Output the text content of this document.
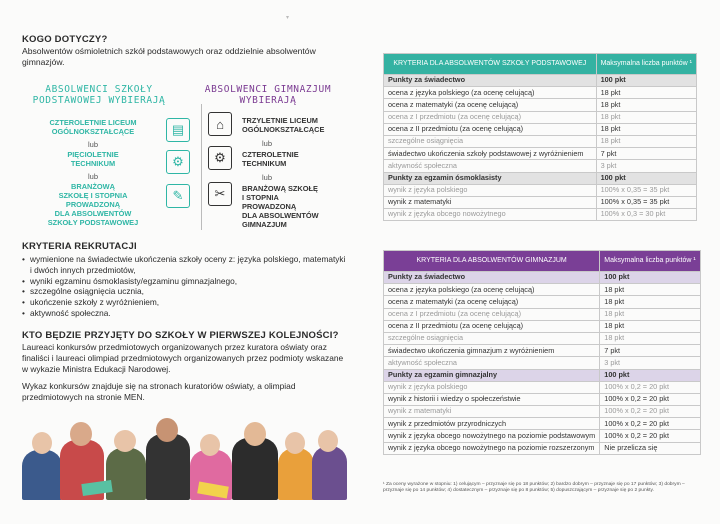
▾

KOGO DOTYCZY?

Absolwentów ośmioletnich szkół podstawowych oraz oddzielnie absolwentów gimnazjów.

ABSOLWENCI SZKOŁY
PODSTAWOWEJ WYBIERAJĄ
ABSOLWENCI GIMNAZJUM
WYBIERAJĄ
CZTEROLETNIE LICEUM
OGÓLNOKSZTAŁCĄCE
lub
PIĘCIOLETNIE
TECHNIKUM
lub
BRANŻOWĄ
SZKOŁĘ I STOPNIA
PROWADZONĄ
DLA ABSOLWENTÓW
SZKOŁY PODSTAWOWEJ
▤
⚙
✎
⌂
⚙
✂
TRZYLETNIE LICEUM
OGÓLNOKSZTAŁCĄCE
lub
CZTEROLETNIE
TECHNIKUM
lub
BRANŻOWĄ SZKOŁĘ
I STOPNIA
PROWADZONĄ
DLA ABSOLWENTÓW
GIMNAZJUM

KRYTERIA REKRUTACJI

• wymienione na świadectwie ukończenia szkoły oceny z: języka polskiego, matematyki i dwóch innych przedmiotów,
• wyniki egzaminu ósmoklasisty/egzaminu gimnazjalnego,
• szczególne osiągnięcia ucznia,
• ukończenie szkoły z wyróżnieniem,
• aktywność społeczna.

KTO BĘDZIE PRZYJĘTY DO SZKOŁY W PIERWSZEJ KOLEJNOŚCI?

Laureaci konkursów przedmiotowych organizowanych przez kuratora oświaty oraz finaliści i laureaci olimpiad przedmiotowych organizowanych przez podmioty wskazane w wykazie Ministra Edukacji Narodowej.

Wykaz konkursów znajduje się na stronach kuratoriów oświaty, a olimpiad przedmiotowych na stronie MEN.

KRYTERIA DLA ABSOLWENTÓW SZKOŁY PODSTAWOWEJ	Maksymalna liczba punktów ¹
Punkty za świadectwo	100 pkt
ocena z języka polskiego (za ocenę celującą)	18 pkt
ocena z matematyki (za ocenę celującą)	18 pkt
ocena z I przedmiotu (za ocenę celującą)	18 pkt
ocena z II przedmiotu (za ocenę celującą)	18 pkt
szczególne osiągnięcia	18 pkt
świadectwo ukończenia szkoły podstawowej z wyróżnieniem	7 pkt
aktywność społeczna	3 pkt
Punkty za egzamin ósmoklasisty	100 pkt
wynik z języka polskiego	100% x 0,35 = 35 pkt
wynik z matematyki	100% x 0,35 = 35 pkt
wynik z języka obcego nowożytnego	100% x 0,3 = 30 pkt
KRYTERIA DLA ABSOLWENTÓW GIMNAZJUM	Maksymalna liczba punktów ¹
Punkty za świadectwo	100 pkt
ocena z języka polskiego (za ocenę celującą)	18 pkt
ocena z matematyki (za ocenę celującą)	18 pkt
ocena z I przedmiotu (za ocenę celującą)	18 pkt
ocena z II przedmiotu (za ocenę celującą)	18 pkt
szczególne osiągnięcia	18 pkt
świadectwo ukończenia gimnazjum z wyróżnieniem	7 pkt
aktywność społeczna	3 pkt
Punkty za egzamin gimnazjalny	100 pkt
wynik z języka polskiego	100% x 0,2 = 20 pkt
wynik z historii i wiedzy o społeczeństwie	100% x 0,2 = 20 pkt
wynik z matematyki	100% x 0,2 = 20 pkt
wynik z przedmiotów przyrodniczych	100% x 0,2 = 20 pkt
wynik z języka obcego nowożytnego na poziomie podstawowym	100% x 0,2 = 20 pkt
wynik z języka obcego nowożytnego na poziomie rozszerzonym	Nie przelicza się
¹ Za oceny wyrażone w stopniu: 1) celującym – przyznaje się po 18 punktów; 2) bardzo dobrym – przyznaje się po 17 punktów; 3) dobrym – przyznaje się po 14 punktów; 4) dostatecznym – przyznaje się po 8 punktów; 5) dopuszczającym – przyznaje się po 2 punkty.
